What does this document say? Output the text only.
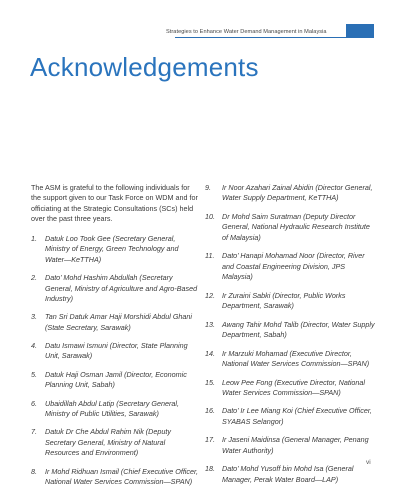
Strategies to Enhance Water Demand Management in Malaysia
Acknowledgements

The ASM is grateful to the following individuals for the support given to our Task Force on WDM and for officiating at the Strategic Consultations (SCs) held over the past three years.

1. Datuk Loo Took Gee (Secretary General, Ministry of Energy, Green Technology and Water—KeTTHA)
2. Dato’ Mohd Hashim Abdullah (Secretary General, Ministry of Agriculture and Agro-Based Industry)
3. Tan Sri Datuk Amar Haji Morshidi Abdul Ghani (State Secretary, Sarawak)
4. Datu Ismawi Ismuni (Director, State Planning Unit, Sarawak)
5. Datuk Haji Osman Jamil (Director, Economic Planning Unit, Sabah)
6. Ubaidillah Abdul Latip (Secretary General, Ministry of Public Utilities, Sarawak)
7. Datuk Dr Che Abdul Rahim Nik (Deputy Secretary General, Ministry of Natural Resources and Environment)
8. Ir Mohd Ridhuan Ismail (Chief Executive Officer, National Water Services Commission—SPAN)
9. Ir Noor Azahari Zainal Abidin (Director General, Water Supply Department, KeTTHA)
10. Dr Mohd Saim Suratman (Deputy Director General, National Hydraulic Research Institute of Malaysia)
11. Dato’ Hanapi Mohamad Noor (Director, River and Coastal Engineering Division, JPS Malaysia)
12. Ir Zuraini Sabki (Director, Public Works Department, Sarawak)
13. Awang Tahir Mohd Talib (Director, Water Supply Department, Sabah)
14. Ir Marzuki Mohamad (Executive Director, National Water Services Commission—SPAN)
15. Leow Pee Fong (Executive Director, National Water Services Commission—SPAN)
16. Dato’ Ir Lee Miang Koi (Chief Executive Officer, SYABAS Selangor)
17. Ir Jaseni Maidinsa (General Manager, Penang Water Authority)
18. Dato’ Mohd Yusoff bin Mohd Isa (General Manager, Perak Water Board—LAP)
vi
